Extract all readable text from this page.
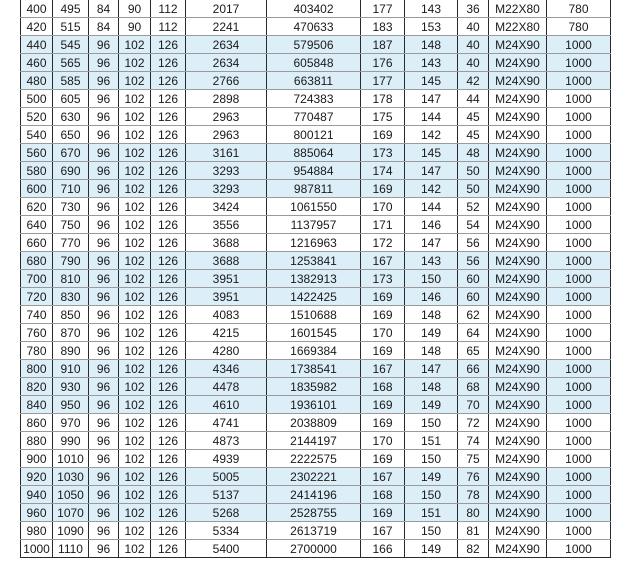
400	495	84	90	112	2017	403402	177	143	36	M22X80	780
420	515	84	90	112	2241	470633	183	153	40	M22X80	780
440	545	96	102	126	2634	579506	187	148	40	M24X90	1000
460	565	96	102	126	2634	605848	176	143	40	M24X90	1000
480	585	96	102	126	2766	663811	177	145	42	M24X90	1000
500	605	96	102	126	2898	724383	178	147	44	M24X90	1000
520	630	96	102	126	2963	770487	175	144	45	M24X90	1000
540	650	96	102	126	2963	800121	169	142	45	M24X90	1000
560	670	96	102	126	3161	885064	173	145	48	M24X90	1000
580	690	96	102	126	3293	954884	174	147	50	M24X90	1000
600	710	96	102	126	3293	987811	169	142	50	M24X90	1000
620	730	96	102	126	3424	1061550	170	144	52	M24X90	1000
640	750	96	102	126	3556	1137957	171	146	54	M24X90	1000
660	770	96	102	126	3688	1216963	172	147	56	M24X90	1000
680	790	96	102	126	3688	1253841	167	143	56	M24X90	1000
700	810	96	102	126	3951	1382913	173	150	60	M24X90	1000
720	830	96	102	126	3951	1422425	169	146	60	M24X90	1000
740	850	96	102	126	4083	1510688	169	148	62	M24X90	1000
760	870	96	102	126	4215	1601545	170	149	64	M24X90	1000
780	890	96	102	126	4280	1669384	169	148	65	M24X90	1000
800	910	96	102	126	4346	1738541	167	147	66	M24X90	1000
820	930	96	102	126	4478	1835982	168	148	68	M24X90	1000
840	950	96	102	126	4610	1936101	169	149	70	M24X90	1000
860	970	96	102	126	4741	2038809	169	150	72	M24X90	1000
880	990	96	102	126	4873	2144197	170	151	74	M24X90	1000
900	1010	96	102	126	4939	2222575	169	150	75	M24X90	1000
920	1030	96	102	126	5005	2302221	167	149	76	M24X90	1000
940	1050	96	102	126	5137	2414196	168	150	78	M24X90	1000
960	1070	96	102	126	5268	2528755	169	151	80	M24X90	1000
980	1090	96	102	126	5334	2613719	167	150	81	M24X90	1000
1000	1110	96	102	126	5400	2700000	166	149	82	M24X90	1000
